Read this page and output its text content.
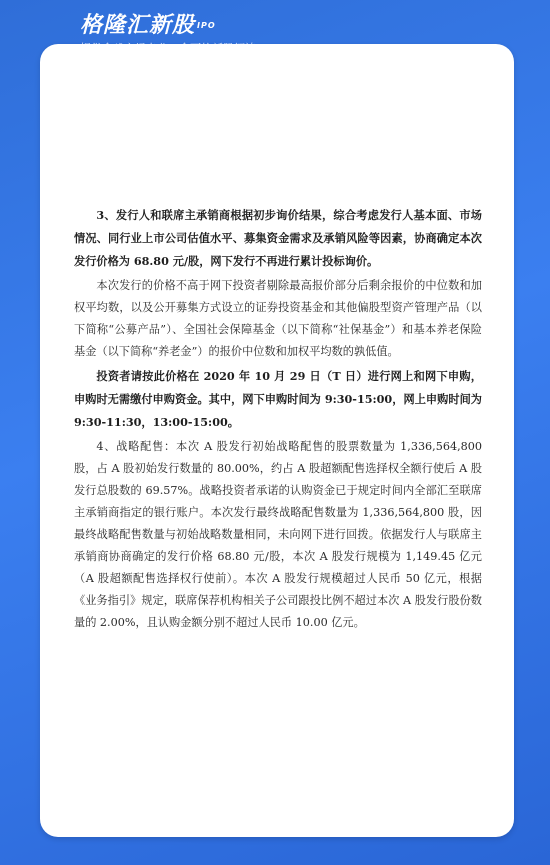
格隆汇新股 IPO

3、发行人和联席主承销商根据初步询价结果，综合考虑发行人基本面、市场情况、同行业上市公司估值水平、募集资金需求及承销风险等因素，协商确定本次发行价格为 68.80 元/股，网下发行不再进行累计投标询价。

本次发行的价格不高于网下投资者剔除最高报价部分后剩余报价的中位数和加权平均数，以及公开募集方式设立的证券投资基金和其他偏股型资产管理产品（以下简称“公募产品”）、全国社会保障基金（以下简称“社保基金”）和基本养老保险基金（以下简称“养老金”）的报价中位数和加权平均数的孰低值。

投资者请按此价格在 2020 年 10 月 29 日（T 日）进行网上和网下申购，申购时无需缴付申购资金。其中，网下申购时间为 9:30-15:00，网上申购时间为 9:30-11:30，13:00-15:00。

4、战略配售：本次 A 股发行初始战略配售的股票数量为 1,336,564,800 股，占 A 股初始发行数量的 80.00%，约占 A 股超额配售选择权全额行使后 A 股发行总股数的 69.57%。战略投资者承诺的认购资金已于规定时间内全部汇至联席主承销商指定的银行账户。本次发行最终战略配售数量为 1,336,564,800 股，因最终战略配售数量与初始战略数量相同，未向网下进行回拨。依据发行人与联席主承销商协商确定的发行价格 68.80 元/股，本次 A 股发行规模为 1,149.45 亿元（A 股超额配售选择权行使前）。本次 A 股发行规模超过人民币 50 亿元，根据《业务指引》规定，联席保荐机构相关子公司跟投比例不超过本次 A 股发行股份数量的 2.00%，且认购金额分别不超过人民币 10.00 亿元。
